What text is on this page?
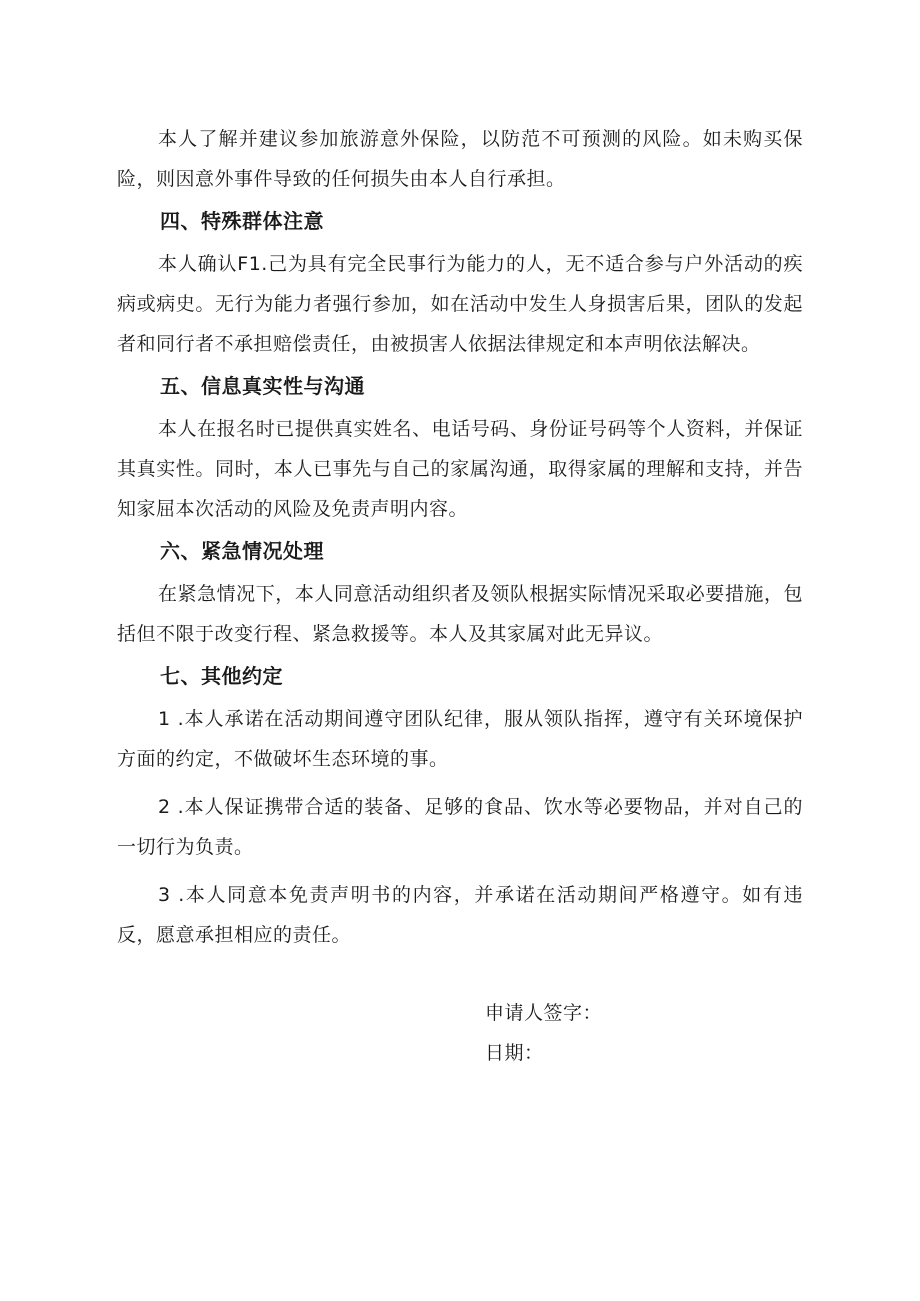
本人了解并建议参加旅游意外保险，以防范不可预测的风险。如未购买保险，则因意外事件导致的任何损失由本人自行承担。

四、特殊群体注意

本人确认F1.己为具有完全民事行为能力的人，无不适合参与户外活动的疾病或病史。无行为能力者强行参加，如在活动中发生人身损害后果，团队的发起者和同行者不承担赔偿责任，由被损害人依据法律规定和本声明依法解决。

五、信息真实性与沟通

本人在报名时已提供真实姓名、电话号码、身份证号码等个人资料，并保证其真实性。同时，本人已事先与自己的家属沟通，取得家属的理解和支持，并告知家屈本次活动的风险及免责声明内容。

六、紧急情况处理

在紧急情况下，本人同意活动组织者及领队根据实际情况采取必要措施，包括但不限于改变行程、紧急救援等。本人及其家属对此无异议。

七、其他约定

1 .本人承诺在活动期间遵守团队纪律，服从领队指挥，遵守有关环境保护方面的约定，不做破坏生态环境的事。

2 .本人保证携带合适的装备、足够的食品、饮水等必要物品，并对自己的一切行为负责。

3 .本人同意本免责声明书的内容，并承诺在活动期间严格遵守。如有违反，愿意承担相应的责任。

申请人签字：
日期：
